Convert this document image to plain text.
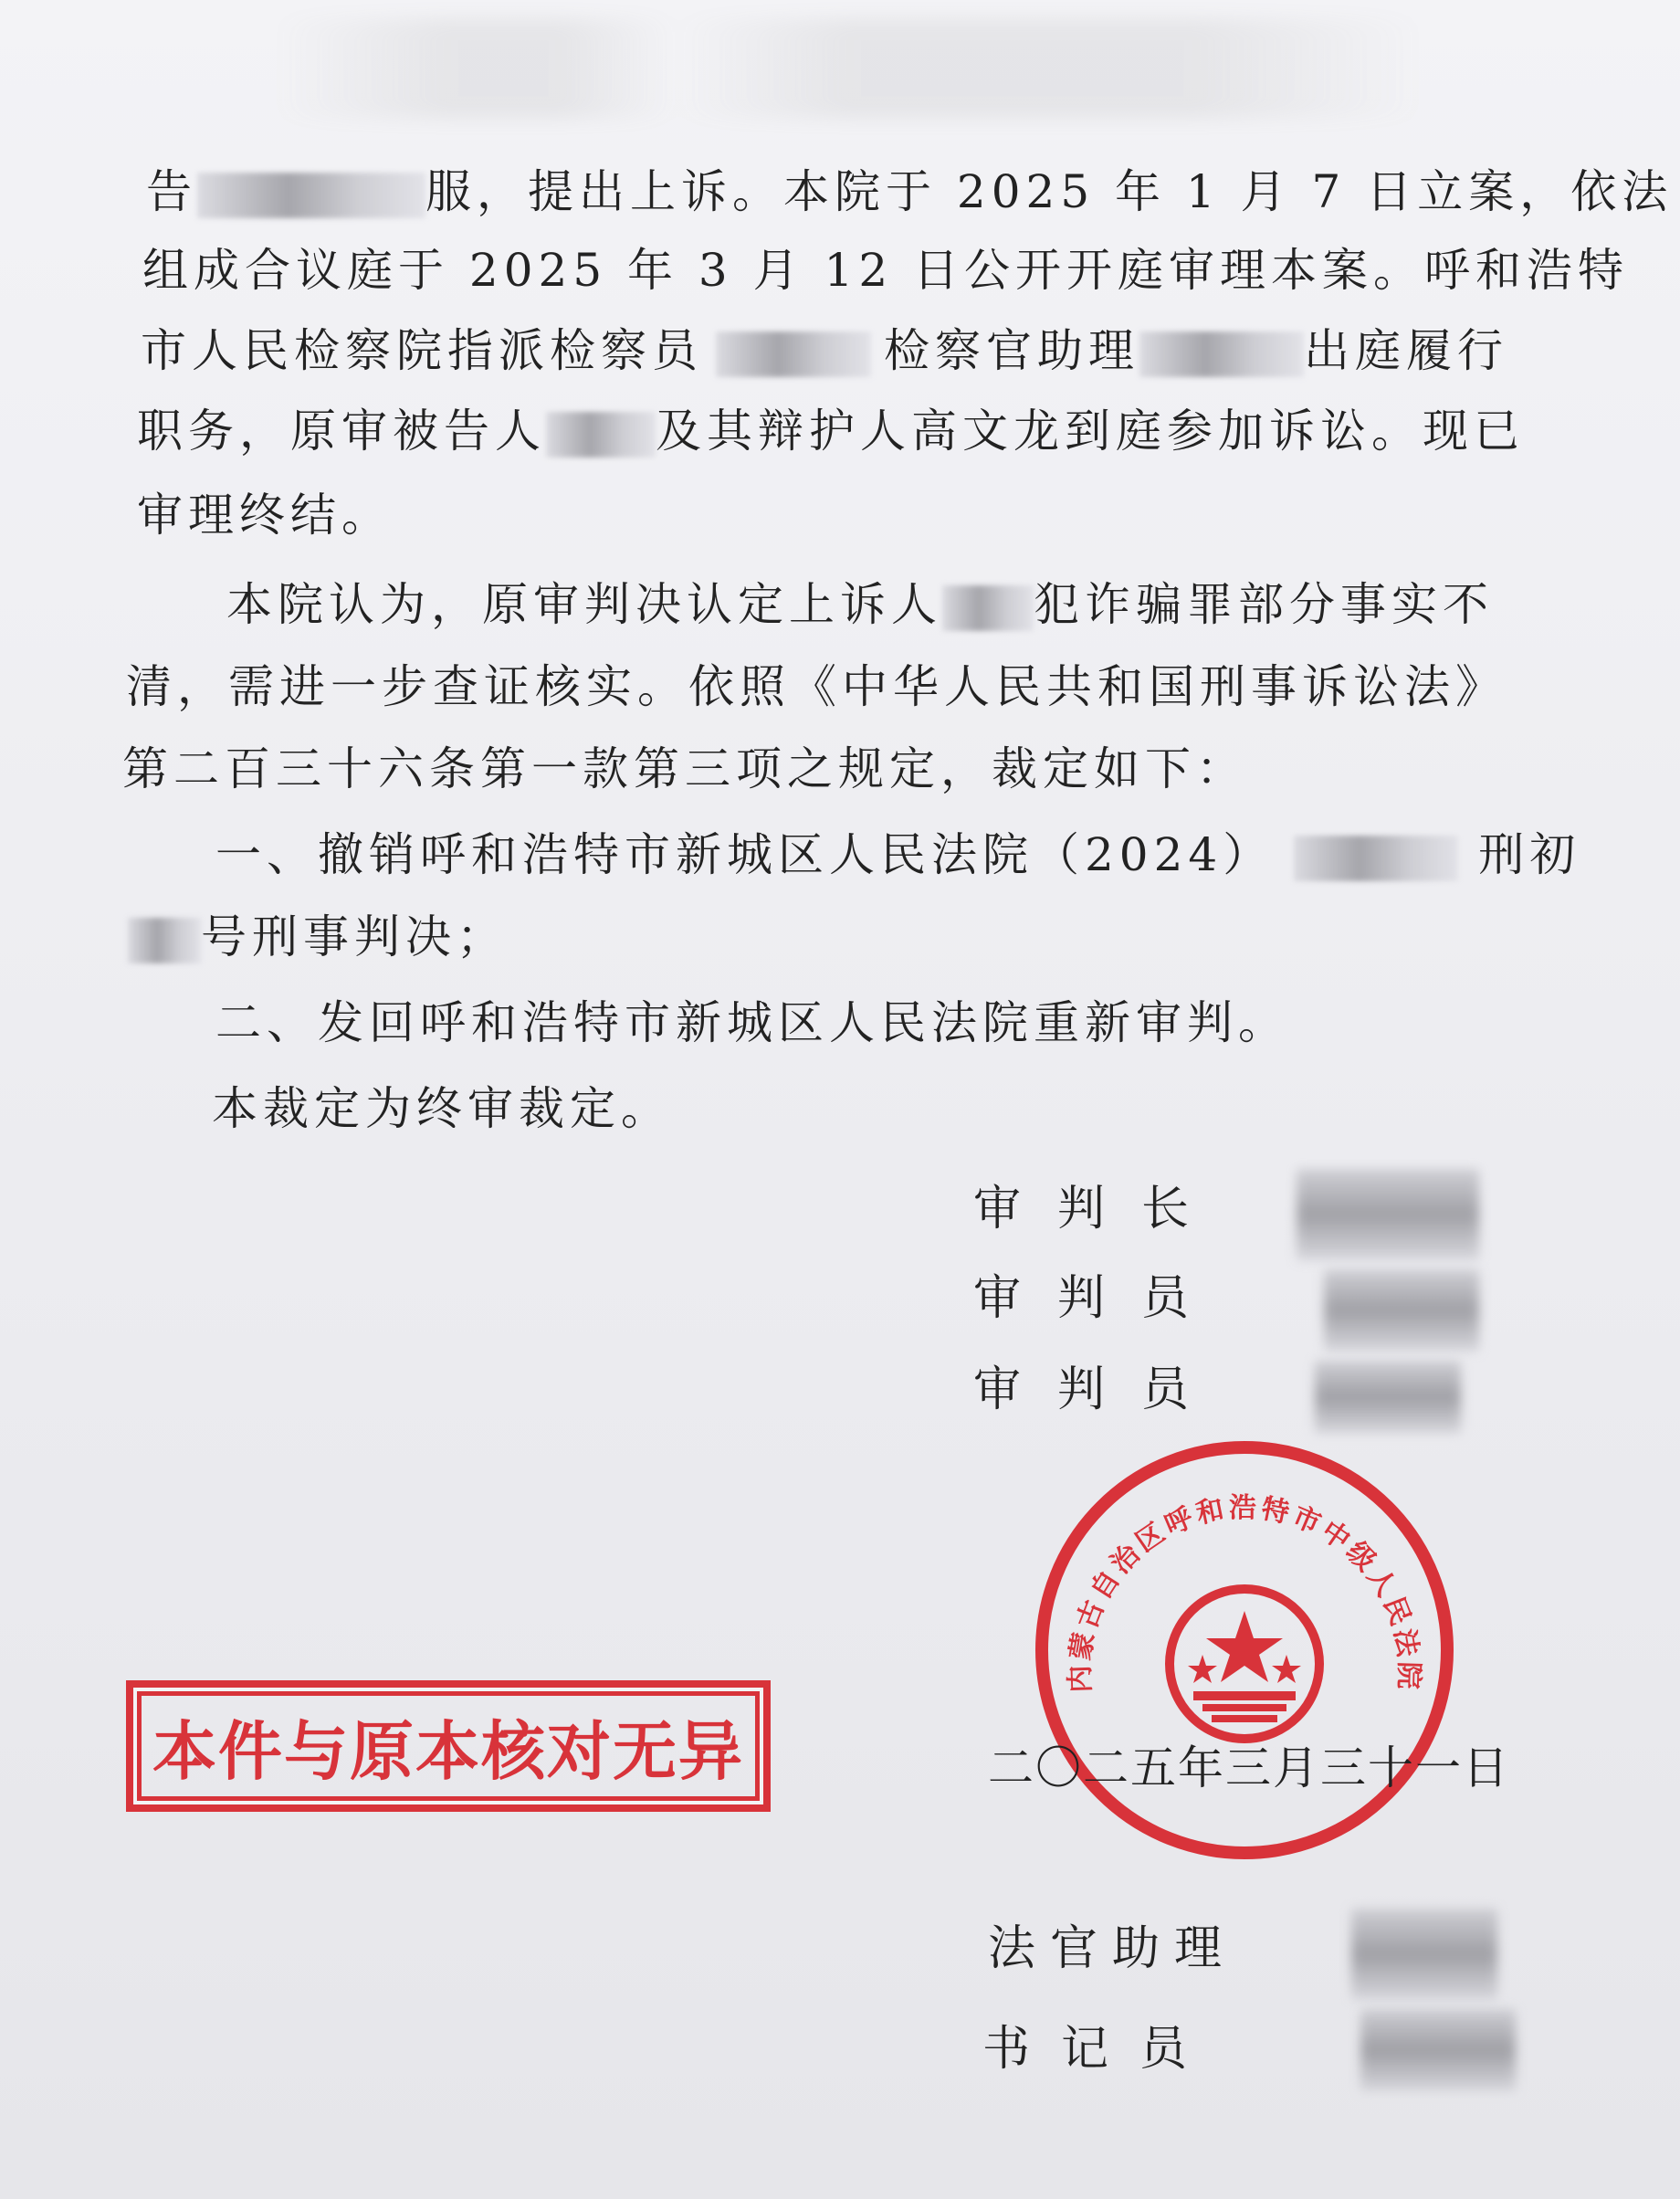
告	服，提出上诉。本院于 2025 年 1 月 7 日立案，依法
组成合议庭于 2025 年 3 月 12 日公开开庭审理本案。呼和浩特
市人民检察院指派检察员	检察官助理	出庭履行
职务，原审被告人 及其辩护人高文龙到庭参加诉讼。现已
审理终结。
本院认为，原审判决认定上诉人 犯诈骗罪部分事实不
清，需进一步查证核实。依照《中华人民共和国刑事诉讼法》
第二百三十六条第一款第三项之规定，裁定如下：
一、撤销呼和浩特市新城区人民法院（2024）	刑初
号刑事判决；
二、发回呼和浩特市新城区人民法院重新审判。
本裁定为终审裁定。
审判长
审判员
审判员
内蒙古自治区呼和浩特市中级人民法院
本件与原本核对无异	二〇二五年三月三十一日
法官助理
书记员
